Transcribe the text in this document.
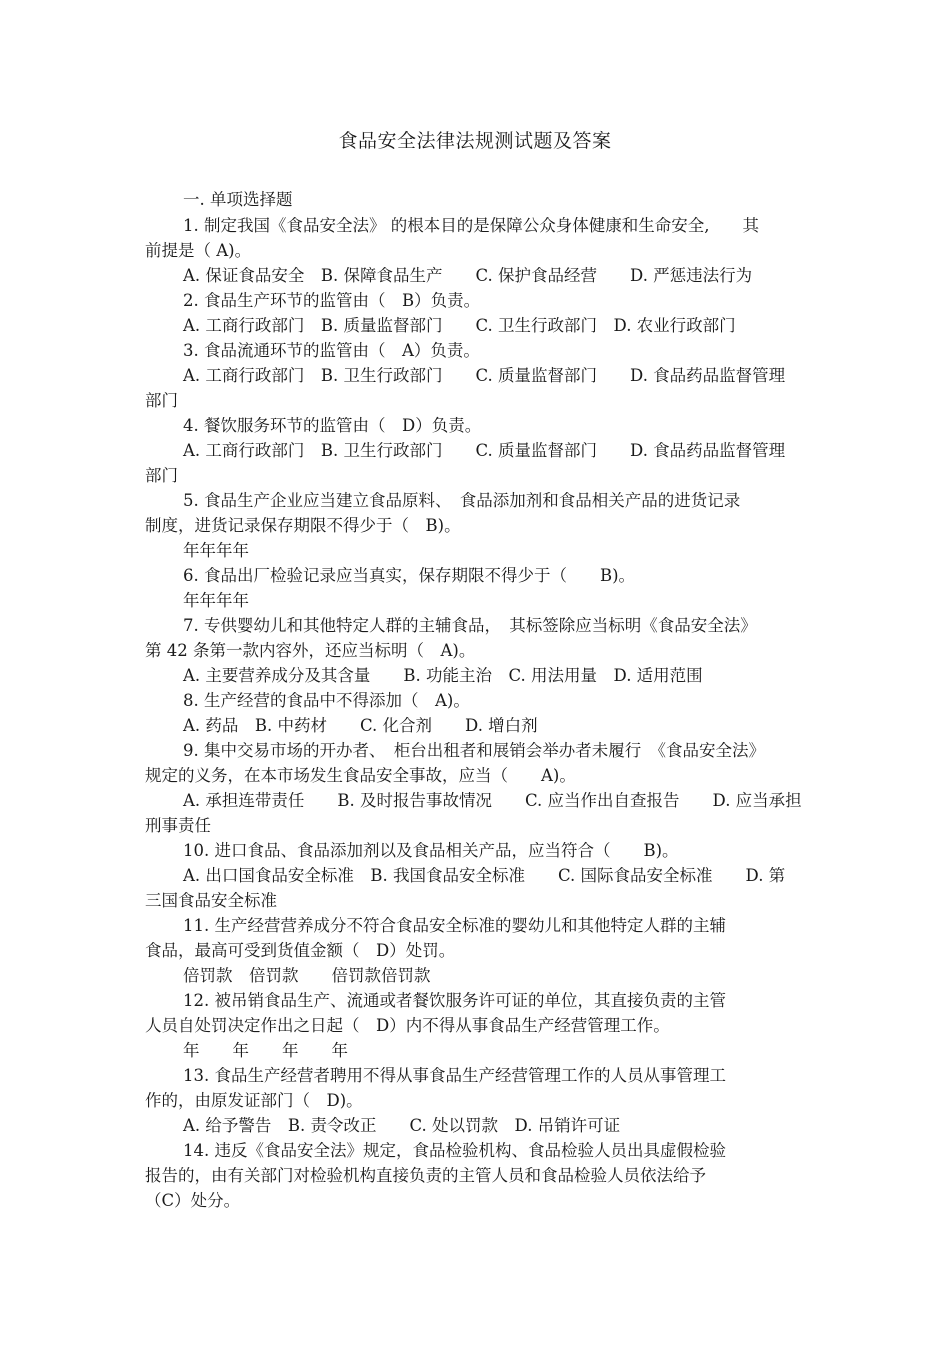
食品安全法律法规测试题及答案
一. 单项选择题
1. 制定我国《食品安全法》 的根本目的是保障公众身体健康和生命安全,　　其
前提是（ A)。
A. 保证食品安全　B. 保障食品生产　　C. 保护食品经营　　D. 严惩违法行为
2. 食品生产环节的监管由（　B）负责。
A. 工商行政部门　B. 质量监督部门　　C. 卫生行政部门　D. 农业行政部门
3. 食品流通环节的监管由（　A）负责。
A. 工商行政部门　B. 卫生行政部门　　C. 质量监督部门　　D. 食品药品监督管理
部门
4. 餐饮服务环节的监管由（　D）负责。
A. 工商行政部门　B. 卫生行政部门　　C. 质量监督部门　　D. 食品药品监督管理
部门
5. 食品生产企业应当建立食品原料、　食品添加剂和食品相关产品的进货记录
制度，进货记录保存期限不得少于（　B)。
年年年年
6. 食品出厂检验记录应当真实，保存期限不得少于（　　B)。
年年年年
7. 专供婴幼儿和其他特定人群的主辅食品，　其标签除应当标明《食品安全法》
第 42 条第一款内容外，还应当标明（　A)。
A. 主要营养成分及其含量　　B. 功能主治　C. 用法用量　D. 适用范围
8. 生产经营的食品中不得添加（　A)。
A. 药品　B. 中药材　　C. 化合剂　　D. 增白剂
9. 集中交易市场的开办者、　柜台出租者和展销会举办者未履行　《食品安全法》
规定的义务，在本市场发生食品安全事故，应当（　　A)。
A. 承担连带责任　　B. 及时报告事故情况　　C. 应当作出自查报告　　D. 应当承担
刑事责任
10. 进口食品、食品添加剂以及食品相关产品，应当符合（　　B)。
A. 出口国食品安全标准　B. 我国食品安全标准　　C. 国际食品安全标准　　D. 第
三国食品安全标准
11. 生产经营营养成分不符合食品安全标准的婴幼儿和其他特定人群的主辅
食品，最高可受到货值金额（　D）处罚。
倍罚款　倍罚款　　倍罚款倍罚款
12. 被吊销食品生产、流通或者餐饮服务许可证的单位，其直接负责的主管
人员自处罚决定作出之日起（　D）内不得从事食品生产经营管理工作。
年　　年　　年　　年
13. 食品生产经营者聘用不得从事食品生产经营管理工作的人员从事管理工
作的，由原发证部门（　D)。
A. 给予警告　B. 责令改正　　C. 处以罚款　D. 吊销许可证
14. 违反《食品安全法》规定，食品检验机构、食品检验人员出具虚假检验
报告的，由有关部门对检验机构直接负责的主管人员和食品检验人员依法给予
（C）处分。
